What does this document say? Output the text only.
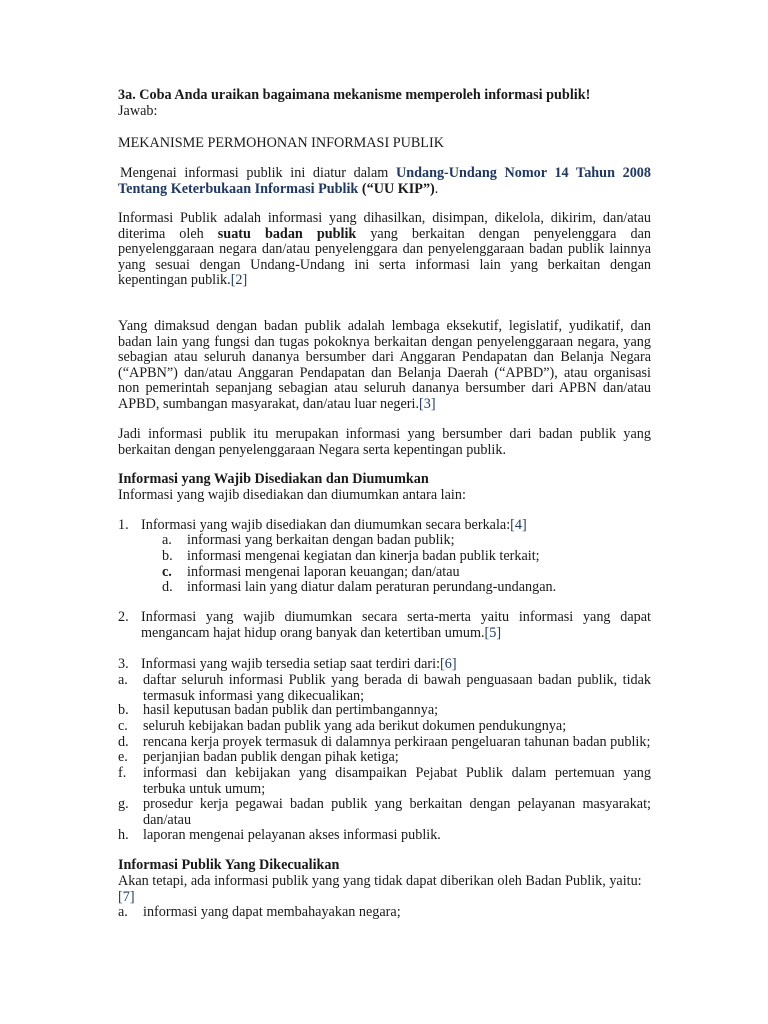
3a. Coba Anda uraikan bagaimana mekanisme memperoleh informasi publik!
Jawab:
MEKANISME PERMOHONAN INFORMASI PUBLIK
Mengenai informasi publik ini diatur dalam Undang-Undang Nomor 14 Tahun 2008 Tentang Keterbukaan Informasi Publik (“UU KIP”).
Informasi Publik adalah informasi yang dihasilkan, disimpan, dikelola, dikirim, dan/atau
diterima oleh suatu badan publik yang berkaitan dengan penyelenggara dan
penyelenggaraan negara dan/atau penyelenggara dan penyelenggaraan badan publik lainnya yang sesuai dengan Undang-Undang ini serta informasi lain yang berkaitan dengan kepentingan publik.[2]
Yang dimaksud dengan badan publik adalah lembaga eksekutif, legislatif, yudikatif, dan badan lain yang fungsi dan tugas pokoknya berkaitan dengan penyelenggaraan negara, yang sebagian atau seluruh dananya bersumber dari Anggaran Pendapatan dan Belanja Negara (“APBN”) dan/atau Anggaran Pendapatan dan Belanja Daerah (“APBD”), atau organisasi non pemerintah sepanjang sebagian atau seluruh dananya bersumber dari APBN dan/atau APBD, sumbangan masyarakat, dan/atau luar negeri.[3]
Jadi informasi publik itu merupakan informasi yang bersumber dari badan publik yang berkaitan dengan penyelenggaraan Negara serta kepentingan publik.
Informasi yang Wajib Disediakan dan Diumumkan
Informasi yang wajib disediakan dan diumumkan antara lain:
1. Informasi yang wajib disediakan dan diumumkan secara berkala:[4]
a. informasi yang berkaitan dengan badan publik;
b. informasi mengenai kegiatan dan kinerja badan publik terkait;
c. informasi mengenai laporan keuangan; dan/atau
d. informasi lain yang diatur dalam peraturan perundang-undangan.
2. Informasi yang wajib diumumkan secara serta-merta yaitu informasi yang dapat
mengancam hajat hidup orang banyak dan ketertiban umum.[5]
3. Informasi yang wajib tersedia setiap saat terdiri dari:[6]
a. daftar seluruh informasi Publik yang berada di bawah penguasaan badan publik, tidak termasuk informasi yang dikecualikan;
b. hasil keputusan badan publik dan pertimbangannya;
c. seluruh kebijakan badan publik yang ada berikut dokumen pendukungnya;
d. rencana kerja proyek termasuk di dalamnya perkiraan pengeluaran tahunan badan publik;
e. perjanjian badan publik dengan pihak ketiga;
f. informasi dan kebijakan yang disampaikan Pejabat Publik dalam pertemuan yang terbuka untuk umum;
g. prosedur kerja pegawai badan publik yang berkaitan dengan pelayanan masyarakat; dan/atau
h. laporan mengenai pelayanan akses informasi publik.
Informasi Publik Yang Dikecualikan
Akan tetapi, ada informasi publik yang yang tidak dapat diberikan oleh Badan Publik, yaitu: [7]
a. informasi yang dapat membahayakan negara;
